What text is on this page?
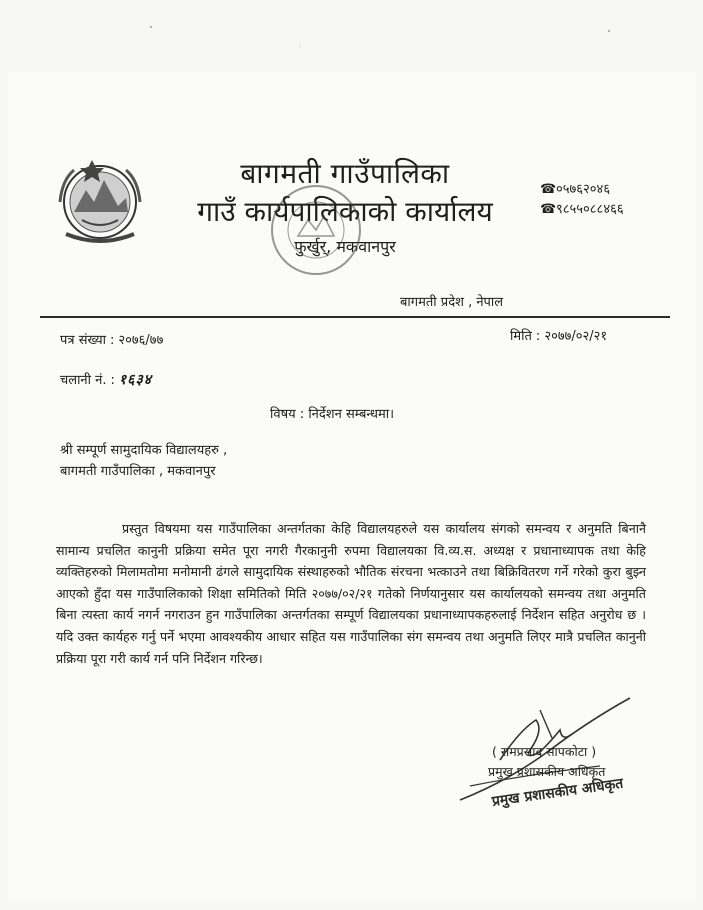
बागमती गाउँपालिका
गाउँ कार्यपालिकाको कार्यालय
फुर्खुर्, मकवानपुर
☎०५७६२०४६
☎९८५५०८८४६६
बागमती प्रदेश , नेपाल
पत्र संख्या : २०७६/७७	मिति : २०७७/०२/२१
चलानी नं. : १६३४
विषय : निर्देशन सम्बन्धमा।
श्री सम्पूर्ण सामुदायिक विद्यालयहरु ,
बागमती गाउँपालिका , मकवानपुर
प्रस्तुत विषयमा यस गाउँपालिका अन्तर्गतका केहि विद्यालयहरुले यस कार्यालय संगको समन्वय र अनुमति बिनानै सामान्य प्रचलित कानुनी प्रक्रिया समेत पूरा नगरी गैरकानुनी रुपमा विद्यालयका वि.व्य.स. अध्यक्ष र प्रधानाध्यापक तथा केहि व्यक्तिहरुको मिलामतोमा मनोमानी ढंगले सामुदायिक संस्थाहरुको भौतिक संरचना भत्काउने तथा बिक्रिवितरण गर्ने गरेको कुरा बुझ्न आएको हुँदा यस गाउँपालिकाको शिक्षा समितिको मिति २०७७/०२/२१ गतेको निर्णयानुसार यस कार्यालयको समन्वय तथा अनुमति बिना त्यस्ता कार्य नगर्न नगराउन हुन गाउँपालिका अन्तर्गतका सम्पूर्ण विद्यालयका प्रधानाध्यापकहरुलाई निर्देशन सहित अनुरोध छ । यदि उक्त कार्यहरु गर्नु पर्ने भएमा आवश्यकीय आधार सहित यस गाउँपालिका संग समन्वय तथा अनुमति लिएर मात्रै प्रचलित कानुनी प्रक्रिया पूरा गरी कार्य गर्न पनि निर्देशन गरिन्छ।
( रामप्रसाद सापकोटा )
प्रमुख प्रशासकीय अधिकृत
प्रमुख प्रशासकीय अधिकृत
